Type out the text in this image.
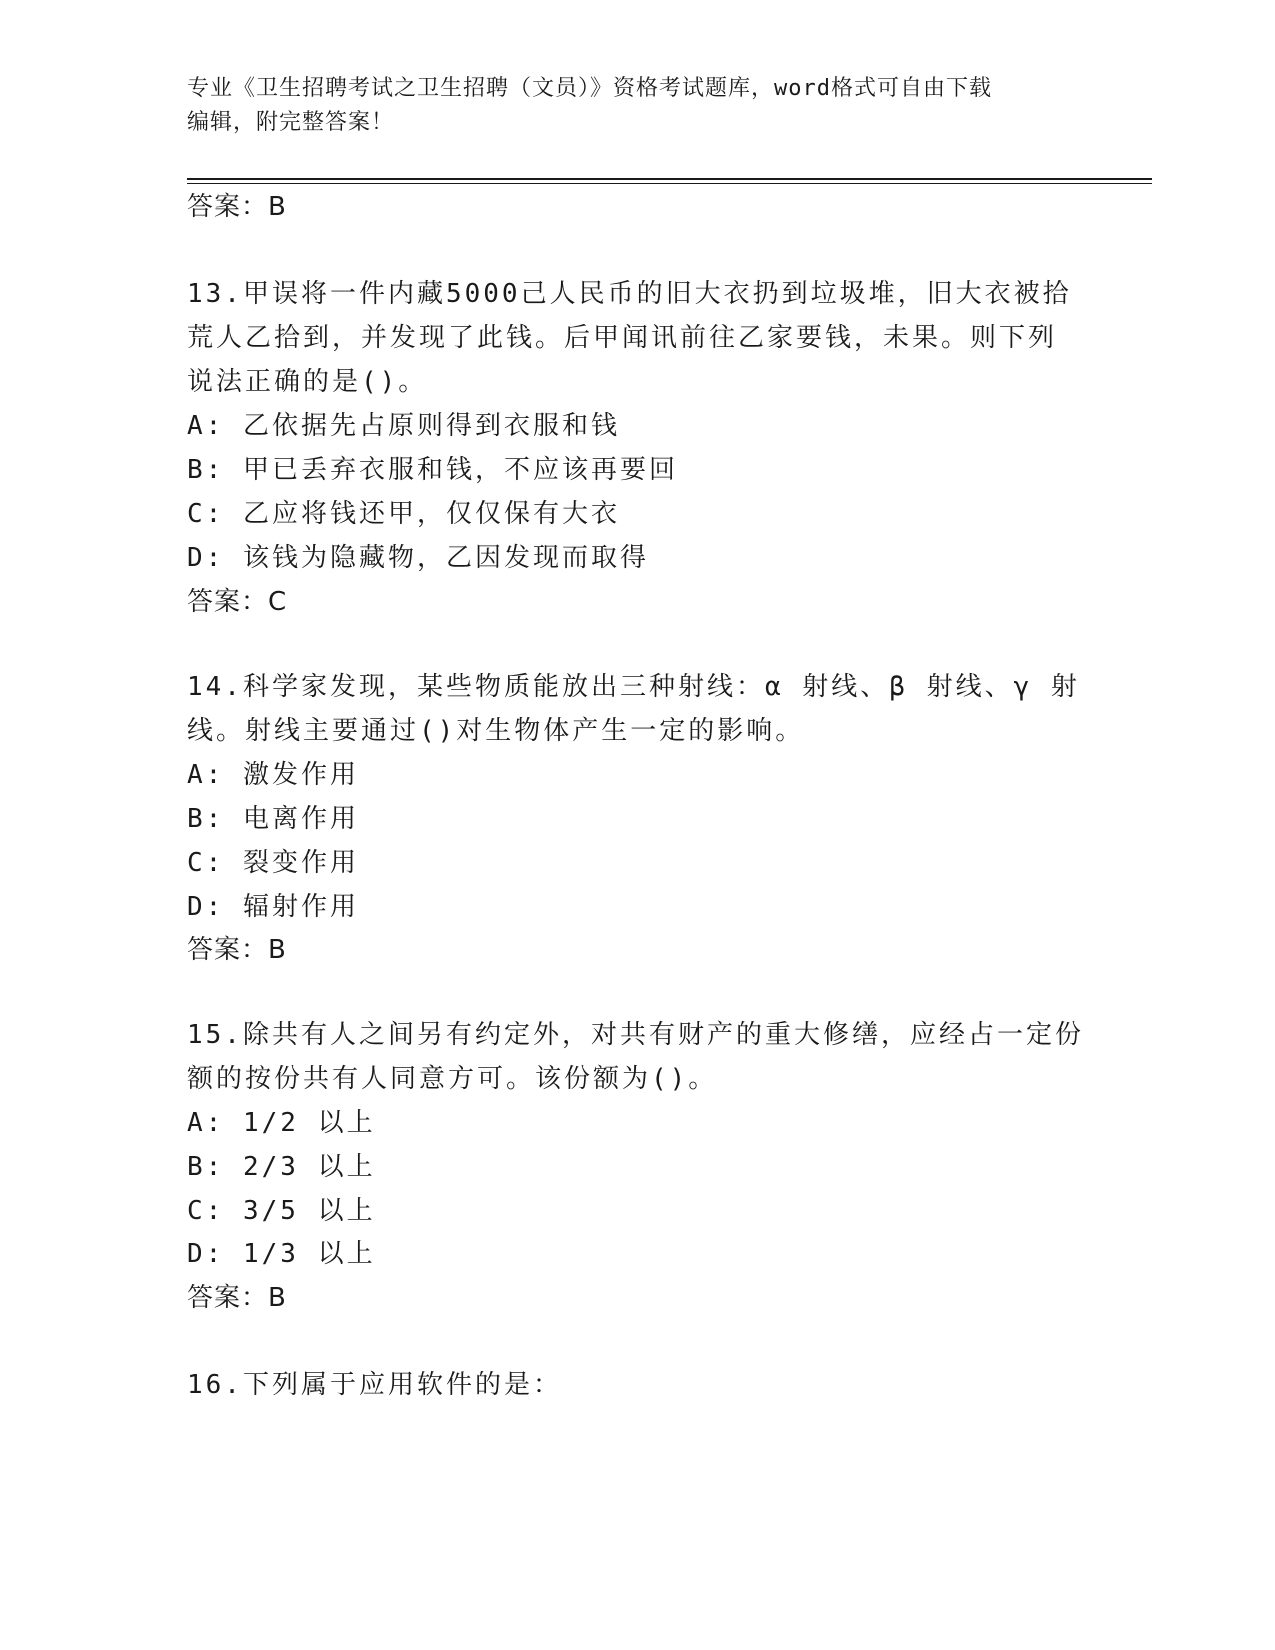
专业《卫生招聘考试之卫生招聘（文员）》资格考试题库，word格式可自由下载
编辑，附完整答案！
答案：B
13.甲误将一件内藏5000己人民币的旧大衣扔到垃圾堆，旧大衣被拾
荒人乙拾到，并发现了此钱。后甲闻讯前往乙家要钱，未果。则下列
说法正确的是()。
A: 乙依据先占原则得到衣服和钱
B: 甲已丢弃衣服和钱，不应该再要回
C: 乙应将钱还甲，仅仅保有大衣
D: 该钱为隐藏物，乙因发现而取得
答案：C
14.科学家发现，某些物质能放出三种射线：α 射线、β 射线、γ 射
线。射线主要通过()对生物体产生一定的影响。
A: 激发作用
B: 电离作用
C: 裂变作用
D: 辐射作用
答案：B
15.除共有人之间另有约定外，对共有财产的重大修缮，应经占一定份
额的按份共有人同意方可。该份额为()。
A: 1/2 以上
B: 2/3 以上
C: 3/5 以上
D: 1/3 以上
答案：B
16.下列属于应用软件的是：
